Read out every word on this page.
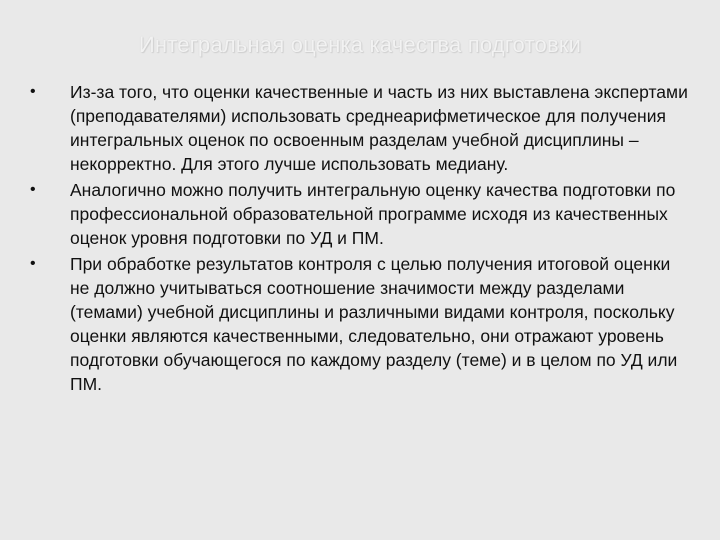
Интегральная оценка качества подготовки
•	Из-за того, что оценки качественные и часть из них выставлена экспертами (преподавателями) использовать среднеарифметическое для получения интегральных оценок по освоенным разделам учебной дисциплины – некорректно. Для этого лучше использовать медиану.
•	Аналогично можно получить интегральную оценку качества подготовки по профессиональной образовательной программе исходя из качественных оценок уровня подготовки по УД и ПМ.
•	При обработке результатов контроля с целью получения итоговой оценки не должно учитываться соотношение значимости между разделами (темами) учебной дисциплины и различными видами контроля, поскольку оценки являются качественными, следовательно, они отражают уровень подготовки обучающегося по каждому разделу (теме) и в целом по УД или ПМ.
